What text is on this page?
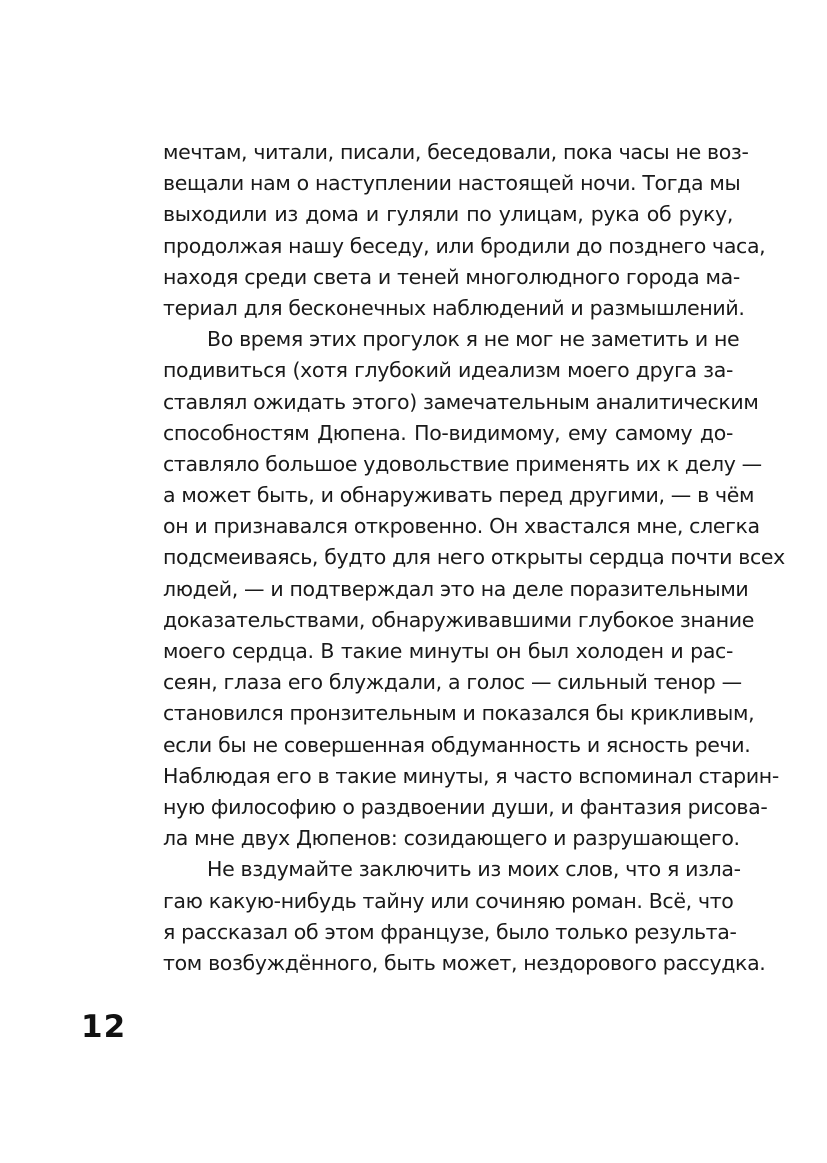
мечтам, читали, писали, беседовали, пока часы не воз-
вещали нам о наступлении настоящей ночи. Тогда мы
выходили из дома и гуляли по улицам, рука об руку,
продолжая нашу беседу, или бродили до позднего часа,
находя среди света и теней многолюдного города ма-
териал для бесконечных наблюдений и размышлений.
Во время этих прогулок я не мог не заметить и не
подивиться (хотя глубокий идеализм моего друга за-
ставлял ожидать этого) замечательным аналитическим
способностям Дюпена. По-видимому, ему самому до-
ставляло большое удовольствие применять их к делу —
а может быть, и обнаруживать перед другими, — в чём
он и признавался откровенно. Он хвастался мне, слегка
подсмеиваясь, будто для него открыты сердца почти всех
людей, — и подтверждал это на деле поразительными
доказательствами, обнаруживавшими глубокое знание
моего сердца. В такие минуты он был холоден и рас-
сеян, глаза его блуждали, а голос — сильный тенор —
становился пронзительным и показался бы крикливым,
если бы не совершенная обдуманность и ясность речи.
Наблюдая его в такие минуты, я часто вспоминал старин-
ную философию о раздвоении души, и фантазия рисова-
ла мне двух Дюпенов: созидающего и разрушающего.
Не вздумайте заключить из моих слов, что я изла-
гаю какую-нибудь тайну или сочиняю роман. Всё, что
я рассказал об этом французе, было только результа-
том возбуждённого, быть может, нездорового рассудка.
12
